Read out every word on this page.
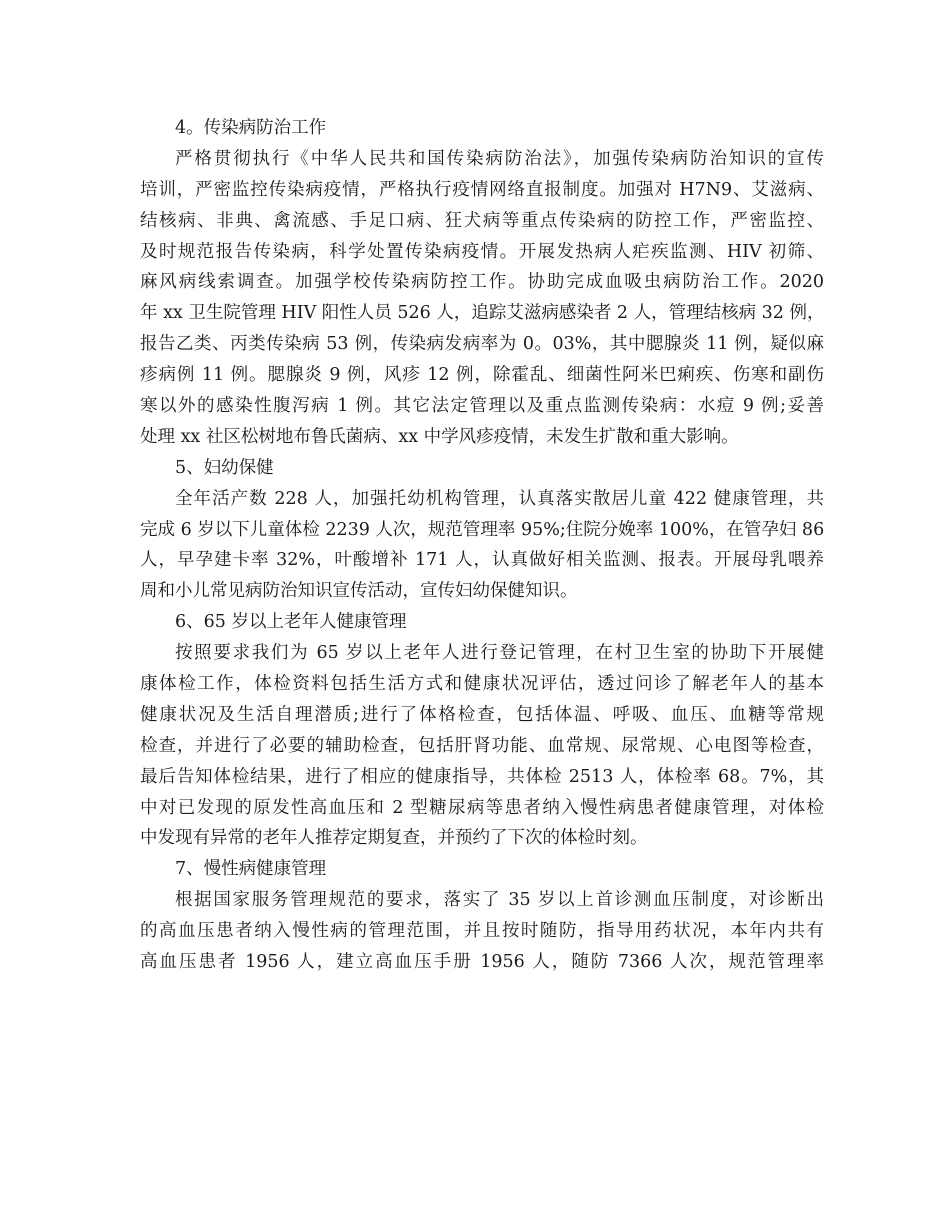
4。传染病防治工作
严格贯彻执行《中华人民共和国传染病防治法》，加强传染病防治知识的宣传
培训，严密监控传染病疫情，严格执行疫情网络直报制度。加强对 H7N9、艾滋病、
结核病、非典、禽流感、手足口病、狂犬病等重点传染病的防控工作，严密监控、
及时规范报告传染病，科学处置传染病疫情。开展发热病人疟疾监测、HIV 初筛、
麻风病线索调查。加强学校传染病防控工作。协助完成血吸虫病防治工作。2020
年 xx 卫生院管理 HIV 阳性人员 526 人，追踪艾滋病感染者 2 人，管理结核病 32 例，
报告乙类、丙类传染病 53 例，传染病发病率为 0。03%，其中腮腺炎 11 例，疑似麻
疹病例 11 例。腮腺炎 9 例，风疹 12 例，除霍乱、细菌性阿米巴痢疾、伤寒和副伤
寒以外的感染性腹泻病 1 例。其它法定管理以及重点监测传染病：水痘 9 例;妥善
处理 xx 社区松树地布鲁氏菌病、xx 中学风疹疫情，未发生扩散和重大影响。
5、妇幼保健
全年活产数 228 人，加强托幼机构管理，认真落实散居儿童 422 健康管理，共
完成 6 岁以下儿童体检 2239 人次，规范管理率 95%;住院分娩率 100%，在管孕妇 86
人，早孕建卡率 32%，叶酸增补 171 人，认真做好相关监测、报表。开展母乳喂养
周和小儿常见病防治知识宣传活动，宣传妇幼保健知识。
6、65 岁以上老年人健康管理
按照要求我们为 65 岁以上老年人进行登记管理，在村卫生室的协助下开展健
康体检工作，体检资料包括生活方式和健康状况评估，透过问诊了解老年人的基本
健康状况及生活自理潜质;进行了体格检查，包括体温、呼吸、血压、血糖等常规
检查，并进行了必要的辅助检查，包括肝肾功能、血常规、尿常规、心电图等检查，
最后告知体检结果，进行了相应的健康指导，共体检 2513 人，体检率 68。7%，其
中对已发现的原发性高血压和 2 型糖尿病等患者纳入慢性病患者健康管理，对体检
中发现有异常的老年人推荐定期复查，并预约了下次的体检时刻。
7、慢性病健康管理
根据国家服务管理规范的要求，落实了 35 岁以上首诊测血压制度，对诊断出
的高血压患者纳入慢性病的管理范围，并且按时随防，指导用药状况，本年内共有
高血压患者 1956 人，建立高血压手册 1956 人，随防 7366 人次，规范管理率
